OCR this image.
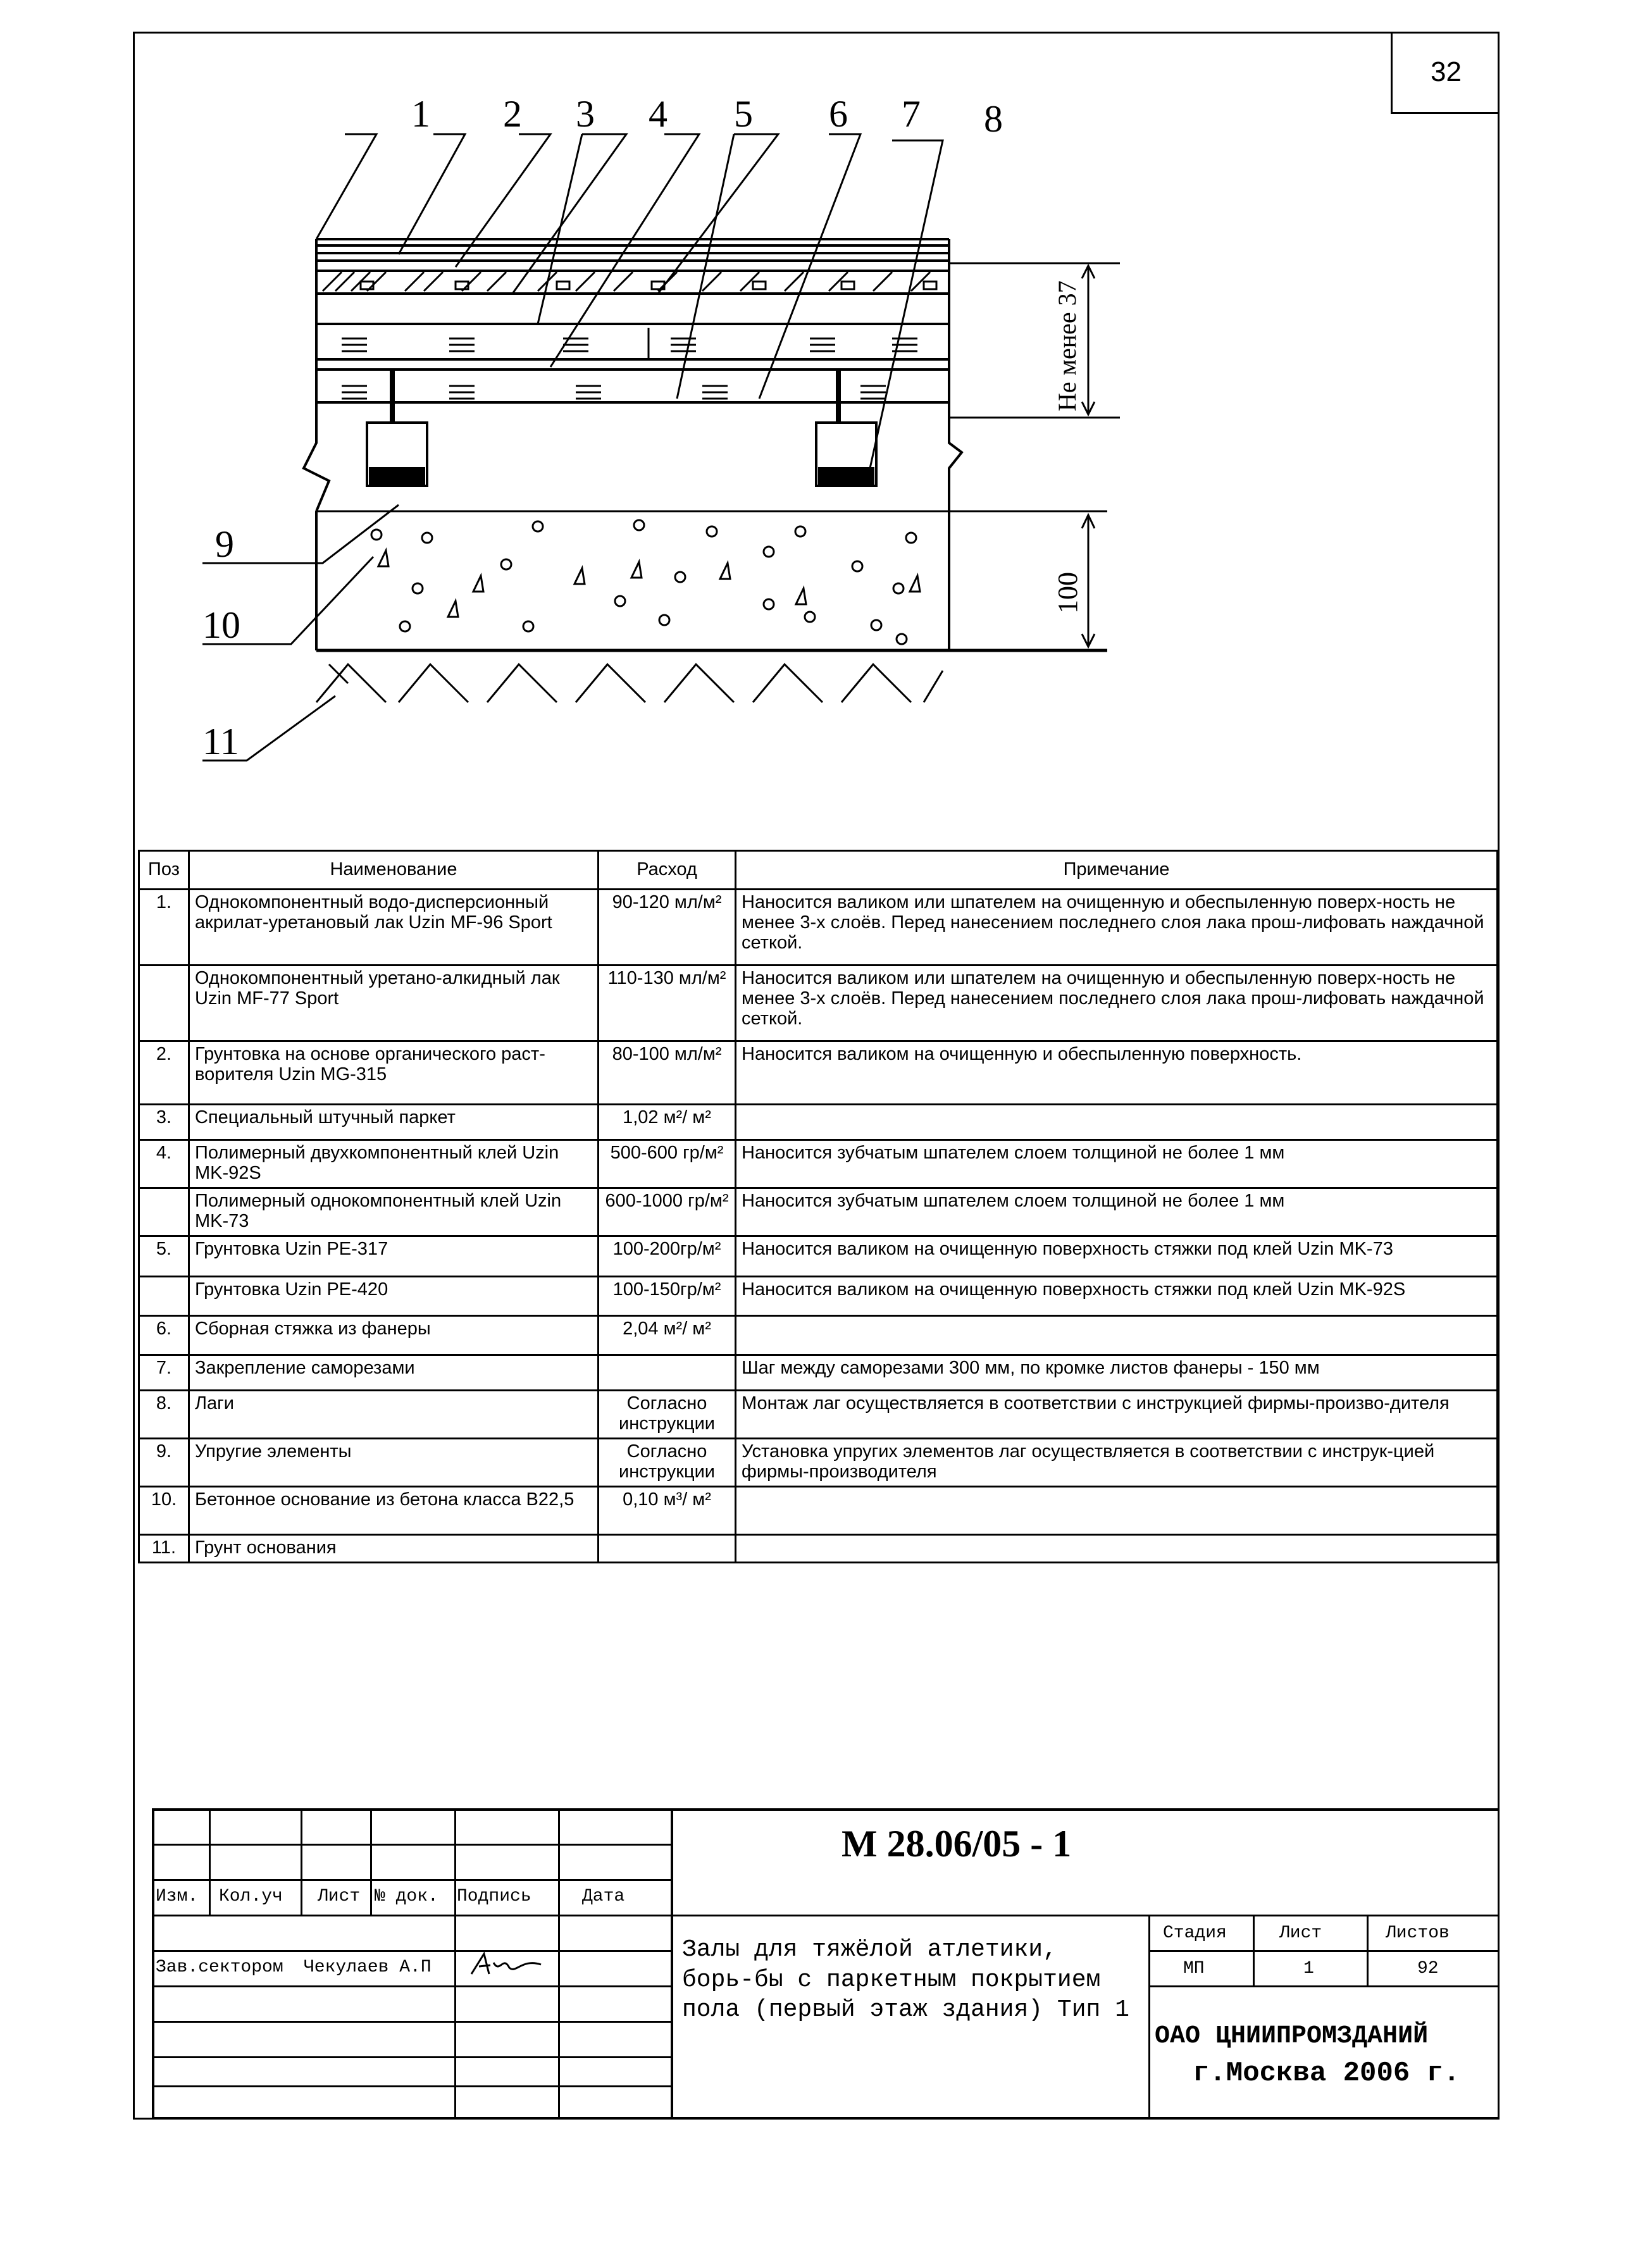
32
1 2 3 4 5 6 7 8
9
10
11
Не менее 37
100
Поз	Наименование	Расход	Примечание
1.	Однокомпонентный водо-дисперсионный акрилат-уретановый лак Uzin MF-96 Sport	90-120 мл/м²	Наносится валиком или шпателем на очищенную и обеспыленную поверх-ность не менее 3-х слоёв. Перед нанесением последнего слоя лака прош-лифовать наждачной сеткой.
	Однокомпонентный уретано-алкидный лак Uzin MF-77 Sport	110-130 мл/м²	Наносится валиком или шпателем на очищенную и обеспыленную поверх-ность не менее 3-х слоёв. Перед нанесением последнего слоя лака прош-лифовать наждачной сеткой.
2.	Грунтовка на основе органического раст-ворителя Uzin MG-315	80-100 мл/м²	Наносится валиком на очищенную и обеспыленную поверхность.
3.	Специальный штучный паркет	1,02 м²/ м²	
4.	Полимерный двухкомпонентный клей Uzin MK-92S	500-600 гр/м²	Наносится зубчатым шпателем слоем толщиной не более 1 мм
	Полимерный однокомпонентный клей Uzin MK-73	600-1000 гр/м²	Наносится зубчатым шпателем слоем толщиной не более 1 мм
5.	Грунтовка Uzin PE-317	100-200гр/м²	Наносится валиком на очищенную поверхность стяжки под клей Uzin MK-73
	Грунтовка Uzin PE-420	100-150гр/м²	Наносится валиком на очищенную поверхность стяжки под клей Uzin MK-92S
6.	Сборная стяжка из фанеры	2,04 м²/ м²	
7.	Закрепление саморезами		Шаг между саморезами 300 мм, по кромке листов фанеры - 150 мм
8.	Лаги	Согласно инструкции	Монтаж лаг осуществляется в соответствии с инструкцией фирмы-произво-дителя
9.	Упругие элементы	Согласно инструкции	Установка упругих элементов лаг осуществляется в соответствии с инструк-цией фирмы-производителя
10.	Бетонное основание из бетона класса В22,5	0,10 м³/ м²	
11.	Грунт основания		
Изм. Кол.уч Лист № док. Подпись	Дата
Зав.сектором Чекулаев А.П
М 28.06/05 - 1
Залы для тяжёлой атлетики, борь-бы с паркетным покрытием пола (первый этаж здания) Тип 1
Стадия	Лист	Листов
МП	1	92
ОАО ЦНИИПРОМЗДАНИЙ
г.Москва 2006 г.
